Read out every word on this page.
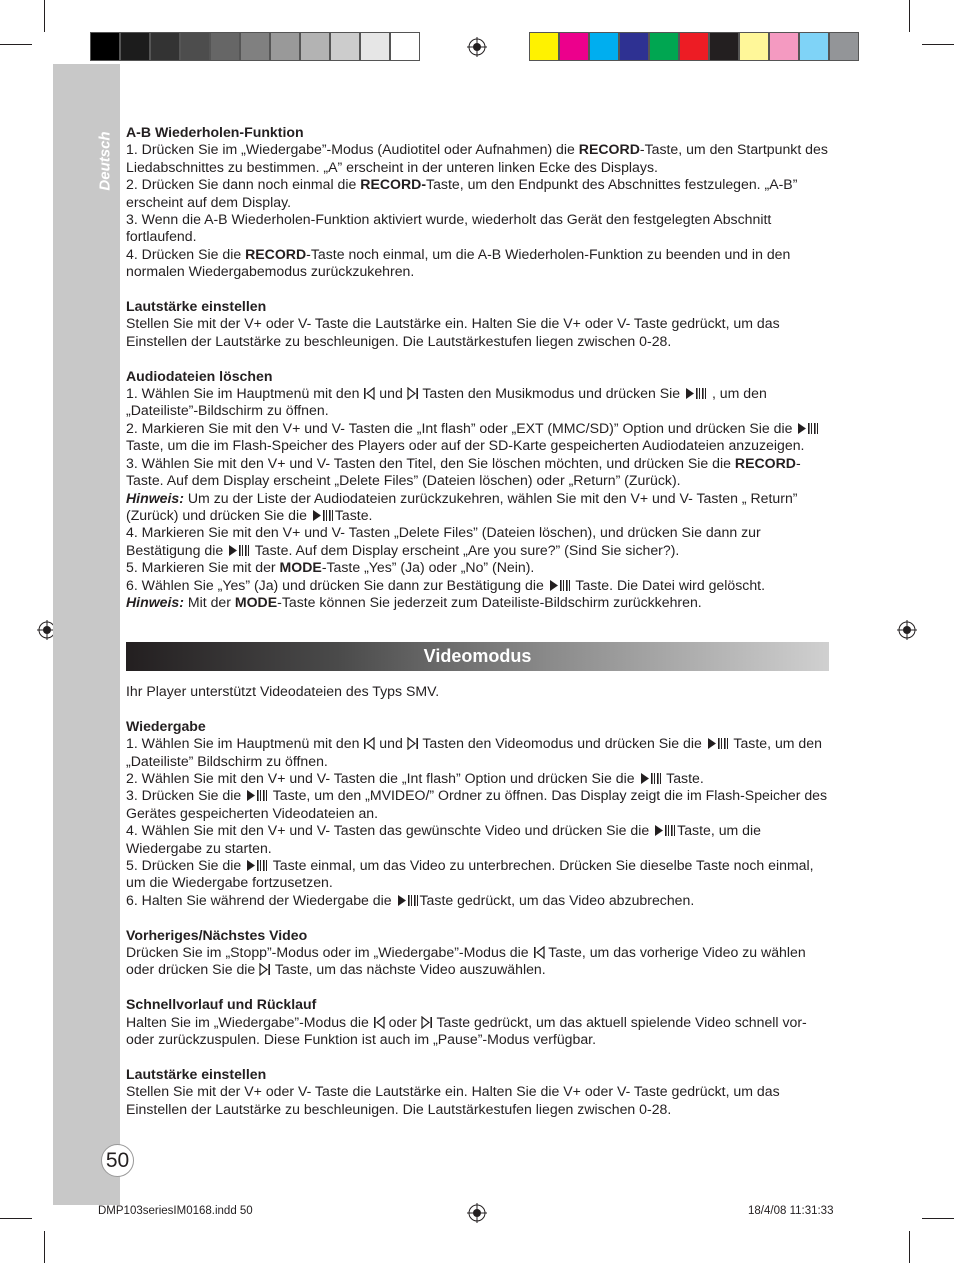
Deutsch
50

A-B Wiederholen-Funktion

1. Drücken Sie im „Wiedergabe”-Modus (Audiotitel oder Aufnahmen) die RECORD-Taste, um den Startpunkt des Liedabschnittes zu bestimmen. „A” erscheint in der unteren linken Ecke des Displays.

2. Drücken Sie dann noch einmal die RECORD-Taste, um den Endpunkt des Abschnittes festzulegen. „A-B” erscheint auf dem Display.

3. Wenn die A-B Wiederholen-Funktion aktiviert wurde, wiederholt das Gerät den festgelegten Abschnitt fortlaufend.

4. Drücken Sie die RECORD-Taste noch einmal, um die A-B Wiederholen-Funktion zu beenden und in den normalen Wiedergabemodus zurückzukehren.

Lautstärke einstellen

Stellen Sie mit der V+ oder V- Taste die Lautstärke ein. Halten Sie die V+ oder V- Taste gedrückt, um das Einstellen der Lautstärke zu beschleunigen. Die Lautstärkestufen liegen zwischen 0-28.

Audiodateien löschen

1. Wählen Sie im Hauptmenü mit den  und  Tasten den Musikmodus und drücken Sie  , um den „Dateiliste”-Bildschirm zu öffnen.

2. Markieren Sie mit den V+ und V- Tasten die „Int flash” oder „EXT (MMC/SD)” Option und drücken Sie die  Taste, um die im Flash-Speicher des Players oder auf der SD-Karte gespeicherten Audiodateien anzuzeigen.

3. Wählen Sie mit den V+ und V- Tasten den Titel, den Sie löschen möchten, und drücken Sie die RECORD-Taste. Auf dem Display erscheint „Delete Files” (Dateien löschen) oder „Return” (Zurück).

Hinweis: Um zu der Liste der Audiodateien zurückzukehren, wählen Sie mit den V+ und V- Tasten „ Return” (Zurück) und drücken Sie die Taste.

4. Markieren Sie mit den V+ und V- Tasten „Delete Files” (Dateien löschen), und drücken Sie dann zur Bestätigung die  Taste. Auf dem Display erscheint „Are you sure?” (Sind Sie sicher?).

5. Markieren Sie mit der MODE-Taste „Yes” (Ja) oder „No” (Nein).

6. Wählen Sie „Yes” (Ja) und drücken Sie dann zur Bestätigung die  Taste. Die Datei wird gelöscht.

Hinweis: Mit der MODE-Taste können Sie jederzeit zum Dateiliste-Bildschirm zurückkehren.

Videomodus

Ihr Player unterstützt Videodateien des Typs SMV.

Wiedergabe

1. Wählen Sie im Hauptmenü mit den  und  Tasten den Videomodus und drücken Sie die  Taste, um den „Dateiliste” Bildschirm zu öffnen.

2. Wählen Sie mit den V+ und V- Tasten die „Int flash” Option und drücken Sie die  Taste.

3. Drücken Sie die  Taste, um den „MVIDEO/” Ordner zu öffnen. Das Display zeigt die im Flash-Speicher des Gerätes gespeicherten Videodateien an.

4. Wählen Sie mit den V+ und V- Tasten das gewünschte Video und drücken Sie die Taste, um die Wiedergabe zu starten.

5. Drücken Sie die  Taste einmal, um das Video zu unterbrechen. Drücken Sie dieselbe Taste noch einmal, um die Wiedergabe fortzusetzen.

6. Halten Sie während der Wiedergabe die Taste gedrückt, um das Video abzubrechen.

Vorheriges/Nächstes Video

Drücken Sie im „Stopp”-Modus oder im „Wiedergabe”-Modus die  Taste, um das vorherige Video zu wählen oder drücken Sie die  Taste, um das nächste Video auszuwählen.

Schnellvorlauf und Rücklauf

Halten Sie im „Wiedergabe”-Modus die  oder  Taste gedrückt, um das aktuell spielende Video schnell vor- oder zurückzuspulen. Diese Funktion ist auch im „Pause”-Modus verfügbar.

Lautstärke einstellen

Stellen Sie mit der V+ oder V- Taste die Lautstärke ein. Halten Sie die V+ oder V- Taste gedrückt, um das Einstellen der Lautstärke zu beschleunigen. Die Lautstärkestufen liegen zwischen 0-28.

DMP103seriesIM0168.indd 50	18/4/08 11:31:33
